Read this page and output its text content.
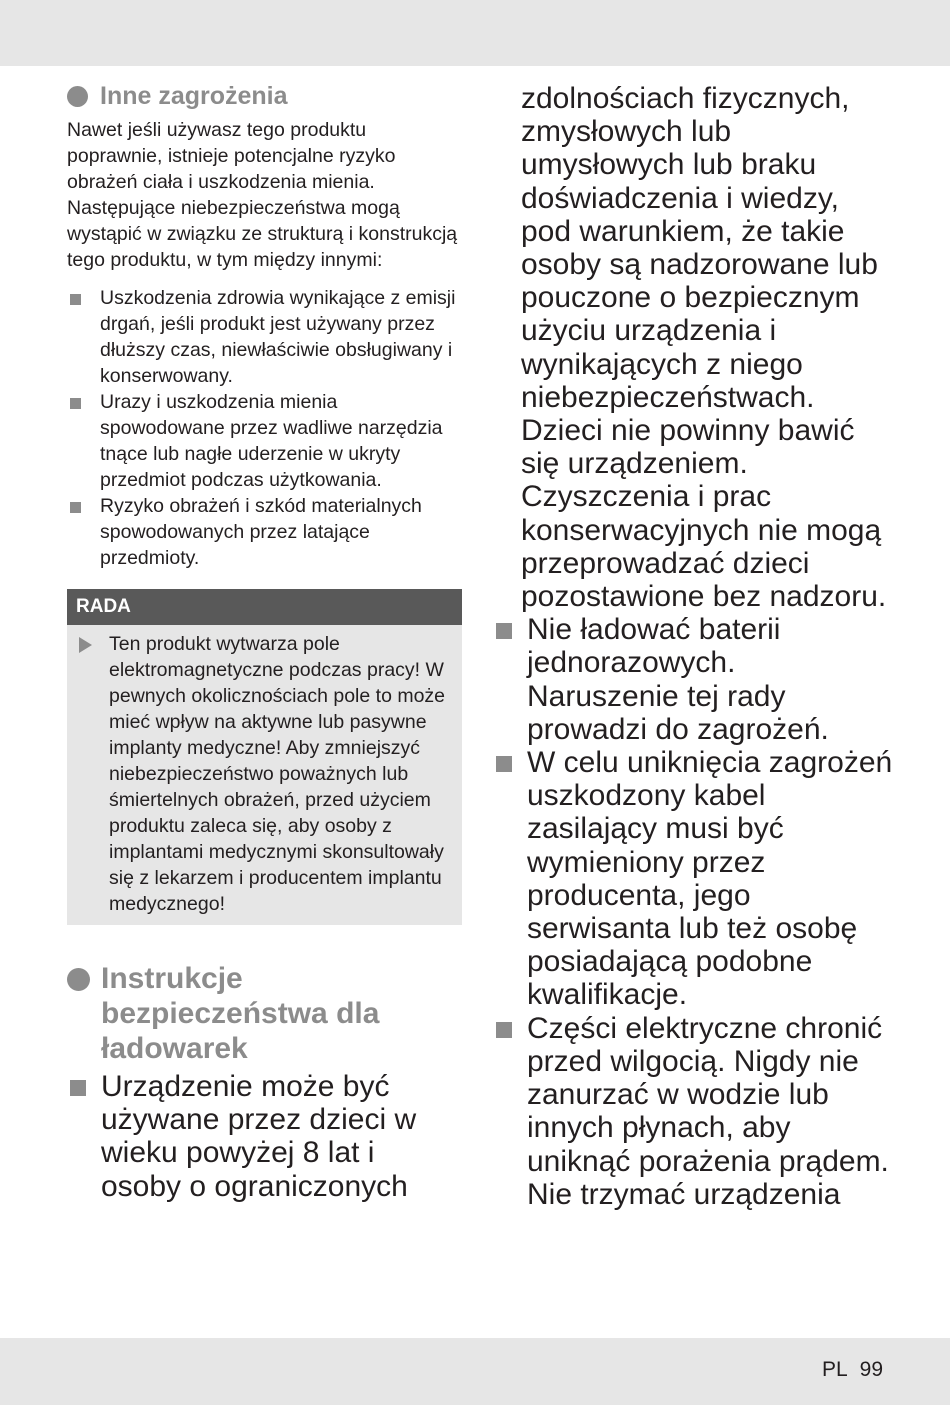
Inne zagrożenia

Nawet jeśli używasz tego produktu poprawnie, istnieje potencjalne ryzyko obrażeń ciała i uszkodzenia mienia. Następujące niebezpieczeństwa mogą wystąpić w związku ze strukturą i konstrukcją tego produktu, w tym między innymi:

Uszkodzenia zdrowia wynikające z emisji drgań, jeśli produkt jest używany przez dłuższy czas, niewłaściwie obsługiwany i konserwowany.
Urazy i uszkodzenia mienia spowodowane przez wadliwe narzędzia tnące lub nagłe uderzenie w ukryty przedmiot podczas użytkowania.
Ryzyko obrażeń i szkód materialnych spowodowanych przez latające przedmioty.
RADA
Ten produkt wytwarza pole elektromagnetyczne podczas pracy! W pewnych okolicznościach pole to może mieć wpływ na aktywne lub pasywne implanty medyczne! Aby zmniejszyć niebezpieczeństwo poważnych lub śmiertelnych obrażeń, przed użyciem produktu zaleca się, aby osoby z implantami medycznymi skonsultowały się z lekarzem i producentem implantu medycznego!
Instrukcje bezpieczeństwa dla ładowarek
Urządzenie może być używane przez dzieci w wieku powyżej 8 lat i osoby o ograniczonych

zdolnościach fizycznych, zmysłowych lub umysłowych lub braku doświadczenia i wiedzy, pod warunkiem, że takie osoby są nadzorowane lub pouczone o bezpiecznym użyciu urządzenia i wynikających z niego niebezpieczeństwach. Dzieci nie powinny bawić się urządzeniem. Czyszczenia i prac konserwacyjnych nie mogą przeprowadzać dzieci pozostawione bez nadzoru.

Nie ładować baterii jednorazowych. Naruszenie tej rady prowadzi do zagrożeń.
W celu uniknięcia zagrożeń uszkodzony kabel zasilający musi być wymieniony przez producenta, jego serwisanta lub też osobę posiadającą podobne kwalifikacje.
Części elektryczne chronić przed wilgocią. Nigdy nie zanurzać w wodzie lub innych płynach, aby uniknąć porażenia prądem. Nie trzymać urządzenia
PL 99
